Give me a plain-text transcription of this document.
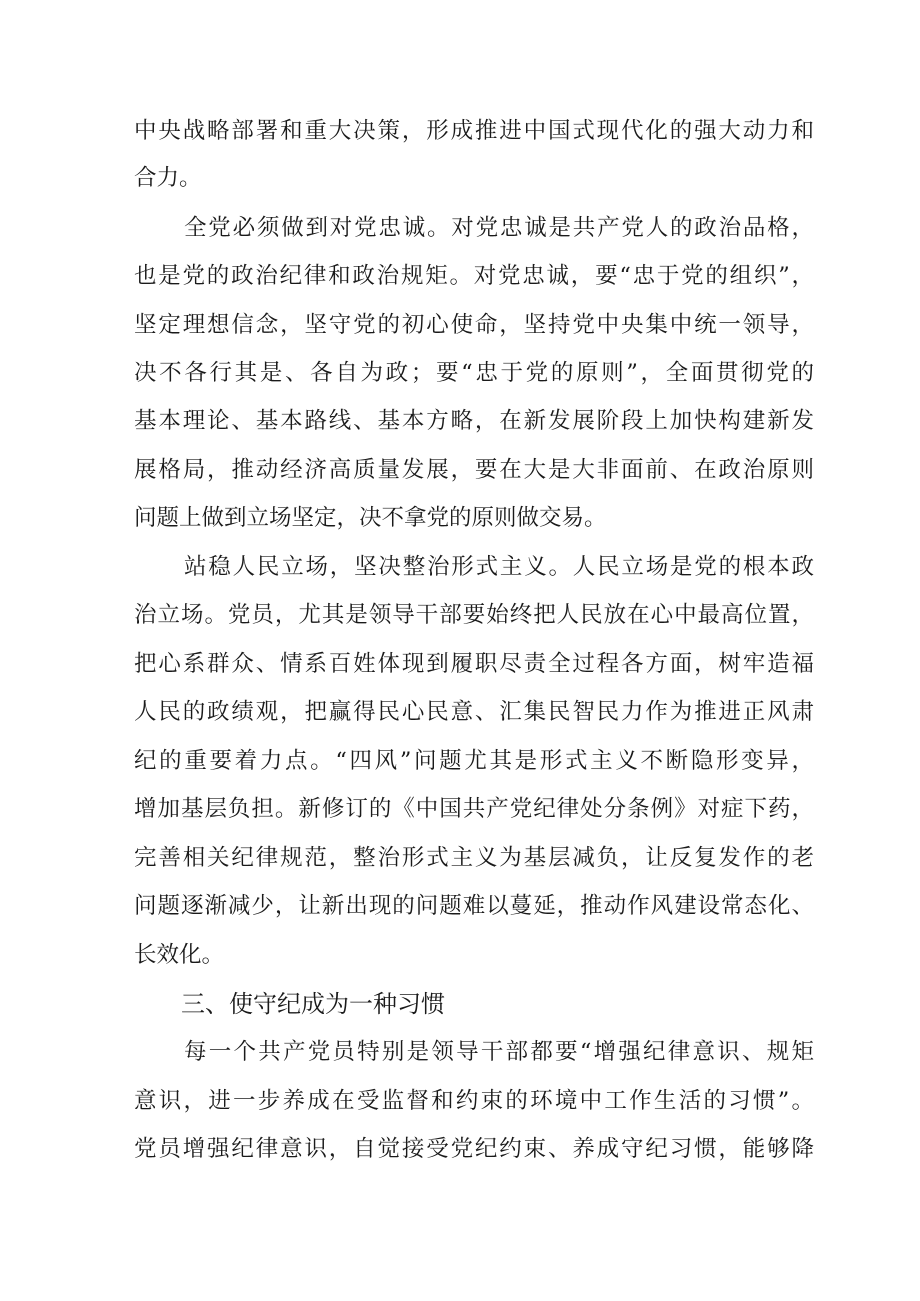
中央战略部署和重大决策，形成推进中国式现代化的强大动力和
合力。
全党必须做到对党忠诚。对党忠诚是共产党人的政治品格，
也是党的政治纪律和政治规矩。对党忠诚，要“忠于党的组织”，
坚定理想信念，坚守党的初心使命，坚持党中央集中统一领导，
决不各行其是、各自为政；要“忠于党的原则”，全面贯彻党的
基本理论、基本路线、基本方略，在新发展阶段上加快构建新发
展格局，推动经济高质量发展，要在大是大非面前、在政治原则
问题上做到立场坚定，决不拿党的原则做交易。
站稳人民立场，坚决整治形式主义。人民立场是党的根本政
治立场。党员，尤其是领导干部要始终把人民放在心中最高位置，
把心系群众、情系百姓体现到履职尽责全过程各方面，树牢造福
人民的政绩观，把赢得民心民意、汇集民智民力作为推进正风肃
纪的重要着力点。“四风”问题尤其是形式主义不断隐形变异，
增加基层负担。新修订的《中国共产党纪律处分条例》对症下药，
完善相关纪律规范，整治形式主义为基层减负，让反复发作的老
问题逐渐减少，让新出现的问题难以蔓延，推动作风建设常态化、
长效化。
三、使守纪成为一种习惯
每一个共产党员特别是领导干部都要“增强纪律意识、规矩
意识，进一步养成在受监督和约束的环境中工作生活的习惯”。
党员增强纪律意识，自觉接受党纪约束、养成守纪习惯，能够降
